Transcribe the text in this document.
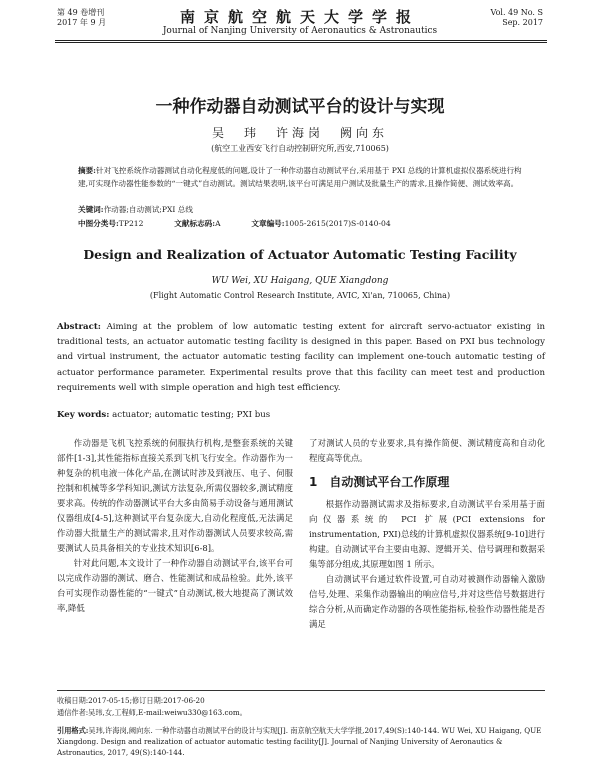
第 49 卷增刊
2017 年 9 月	南京航空航天大学学报
Journal of Nanjing University of Aeronautics & Astronautics
Vol. 49 No. S
Sep. 2017
一种作动器自动测试平台的设计与实现
吴　玮　许海岗　阙向东
(航空工业西安飞行自动控制研究所,西安,710065)
摘要:针对飞控系统作动器测试自动化程度低的问题,设计了一种作动器自动测试平台,采用基于 PXI 总线的计算机虚拟仪器系统进行构建,可实现作动器性能参数的“一键式”自动测试。测试结果表明,该平台可满足用户测试及批量生产的需求,且操作简便、测试效率高。
关键词:作动器;自动测试;PXI 总线
中图分类号:TP212	文献标志码:A	文章编号:1005-2615(2017)S-0140-04
Design and Realization of Actuator Automatic Testing Facility
WU Wei, XU Haigang, QUE Xiangdong
(Flight Automatic Control Research Institute, AVIC, Xi'an, 710065, China)
Abstract: Aiming at the problem of low automatic testing extent for aircraft servo-actuator existing in traditional tests, an actuator automatic testing facility is designed in this paper. Based on PXI bus technology and virtual instrument, the actuator automatic testing facility can implement one-touch automatic testing of actuator performance parameter. Experimental results prove that this facility can meet test and production requirements well with simple operation and high test efficiency.
Key words: actuator; automatic testing; PXI bus

作动器是飞机飞控系统的伺服执行机构,是整套系统的关键部件[1-3],其性能指标直接关系到飞机飞行安全。作动器作为一种复杂的机电液一体化产品,在测试时涉及到液压、电子、伺服控制和机械等多学科知识,测试方法复杂,所需仪器较多,测试精度要求高。传统的作动器测试平台大多由简易手动设备与通用测试仪器组成[4-5],这种测试平台复杂庞大,自动化程度低,无法满足作动器大批量生产的测试需求,且对作动器测试人员要求较高,需要测试人员具备相关的专业技术知识[6-8]。

针对此问题,本文设计了一种作动器自动测试平台,该平台可以完成作动器的测试、磨合、性能测试和成品检验。此外,该平台可实现作动器性能的“一键式”自动测试,极大地提高了测试效率,降低

了对测试人员的专业要求,具有操作简便、测试精度高和自动化程度高等优点。

1　自动测试平台工作原理

根据作动器测试需求及指标要求,自动测试平台采用基于面向仪器系统的 PCI 扩展(PCI extensions for instrumentation, PXI)总线的计算机虚拟仪器系统[9-10]进行构建。自动测试平台主要由电源、逻辑开关、信号调理和数据采集等部分组成,其原理如图 1 所示。

自动测试平台通过软件设置,可自动对被测作动器输入激励信号,处理、采集作动器输出的响应信号,并对这些信号数据进行综合分析,从而确定作动器的各项性能指标,检验作动器性能是否满足

收稿日期:2017-05-15;修订日期:2017-06-20
通信作者:吴玮,女,工程师,E-mail:weiwu330@163.com。
引用格式:吴玮,许海岗,阙向东. 一种作动器自动测试平台的设计与实现[J]. 南京航空航天大学学报,2017,49(S):140-144. WU Wei, XU Haigang, QUE Xiangdong. Design and realization of actuator automatic testing facility[J]. Journal of Nanjing University of Aeronautics & Astronautics, 2017, 49(S):140-144.
